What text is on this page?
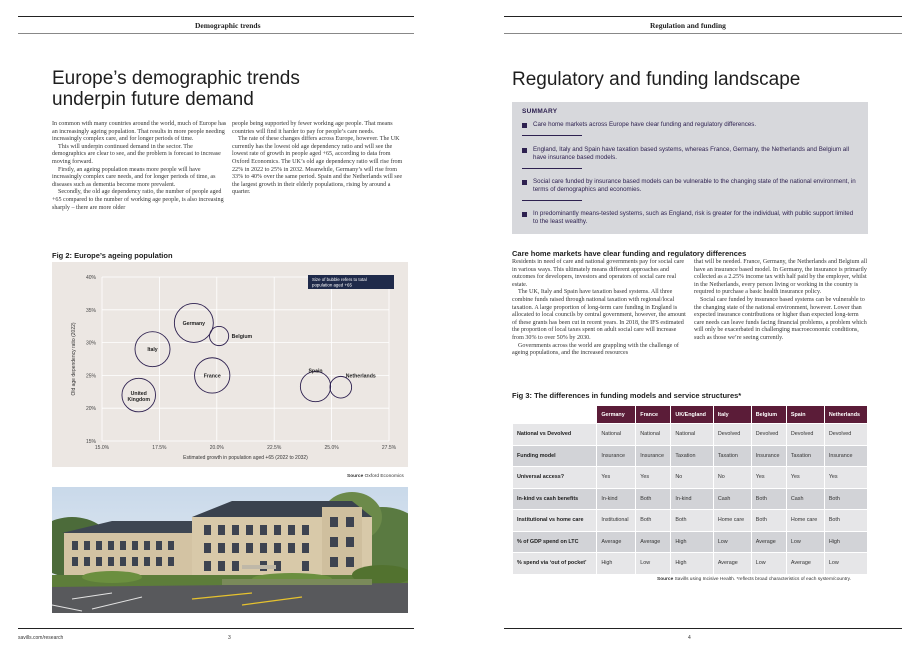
Demographic trends
Europe’s demographic trends
underpin future demand

In common with many countries around the world, much of Europe has an increasingly ageing population. That results in more people needing increasingly complex care, and for longer periods of time.

This will underpin continued demand in the sector. The demographics are clear to see, and the problem is forecast to increase moving forward.

Firstly, an ageing population means more people will have increasingly complex care needs, and for longer periods of time, as diseases such as dementia become more prevalent.

Secondly, the old age dependency ratio, the number of people aged +65 compared to the number of working age people, is also increasing sharply – there are more older

people being supported by fewer working age people. That means countries will find it harder to pay for people’s care needs.

The rate of these changes differs across Europe, however. The UK currently has the lowest old age dependency ratio and will see the lowest rate of growth in people aged +65, according to data from Oxford Economics. The UK’s old age dependency ratio will rise from 22% in 2022 to 25% in 2032. Meanwhile, Germany’s will rise from 33% to 40% over the same period. Spain and the Netherlands will see the largest growth in their elderly populations, rising by around a quarter.

Fig 2: Europe’s ageing population
15%
20%
25%
30%
35%
40%
15.0%	17.5%	20.0%	22.5%	25.0%	27.5%
Estimated growth in population aged +65 (2022 to 2032)
Old age dependency ratio (2022)
Size of bubble refers to total population aged +65
United Kingdom
Italy
Germany
Belgium
France
Spain
Netherlands
Source Oxford Economics
savills.com/research	3
Regulation and funding
Regulatory and funding landscape
SUMMARY
Care home markets across Europe have clear funding and regulatory differences.
England, Italy and Spain have taxation based systems, whereas France, Germany, the Netherlands and Belgium all have insurance based models.
Social care funded by insurance based models can be vulnerable to the changing state of the national environment, in terms of demographics and economies.
In predominantly means-tested systems, such as England, risk is greater for the individual, with public support limited to the least wealthy.
Care home markets have clear funding and regulatory differences

Residents in need of care and national governments pay for social care in various ways. This ultimately means different approaches and outcomes for developers, investors and operators of social care real estate.

The UK, Italy and Spain have taxation based systems. All three combine funds raised through national taxation with regional/local taxation. A large proportion of long-term care funding in England is allocated to local councils by central government, however, the amount of these grants has been cut in recent years. In 2018, the IFS estimated the proportion of local taxes spent on adult social care will increase from 30% to over 50% by 2030.

Governments across the world are grappling with the challenge of ageing populations, and the increased resources

that will be needed. France, Germany, the Netherlands and Belgium all have an insurance based model. In Germany, the insurance is primarily collected as a 2.25% income tax with half paid by the employer, whilst in the Netherlands, every person living or working in the country is required to purchase a basic health insurance policy.

Social care funded by insurance based systems can be vulnerable to the changing state of the national environment, however. Lower than expected insurance contributions or higher than expected long-term care needs can leave funds facing financial problems, a problem which will only be exacerbated in challenging macroeconomic conditions, such as those we’re seeing currently.

Fig 3: The differences in funding models and service structures*
	Germany	France	UK/England	Italy	Belgium	Spain	Netherlands
National vs Devolved	National	National	National	Devolved	Devolved	Devolved	Devolved
Funding model	Insurance	Insurance	Taxation	Taxation	Insurance	Taxation	Insurance
Universal access?	Yes	Yes	No	No	Yes	Yes	Yes
In-kind vs cash benefits	In-kind	Both	In-kind	Cash	Both	Cash	Both
Institutional vs home care	Institutional	Both	Both	Home care	Both	Home care	Both
% of GDP spend on LTC	Average	Average	High	Low	Average	Low	High
% spend via ‘out of pocket’	High	Low	High	Average	Low	Average	Low
Source Savills using Incisive Health. *reflects broad characteristics of each system/country.
4
